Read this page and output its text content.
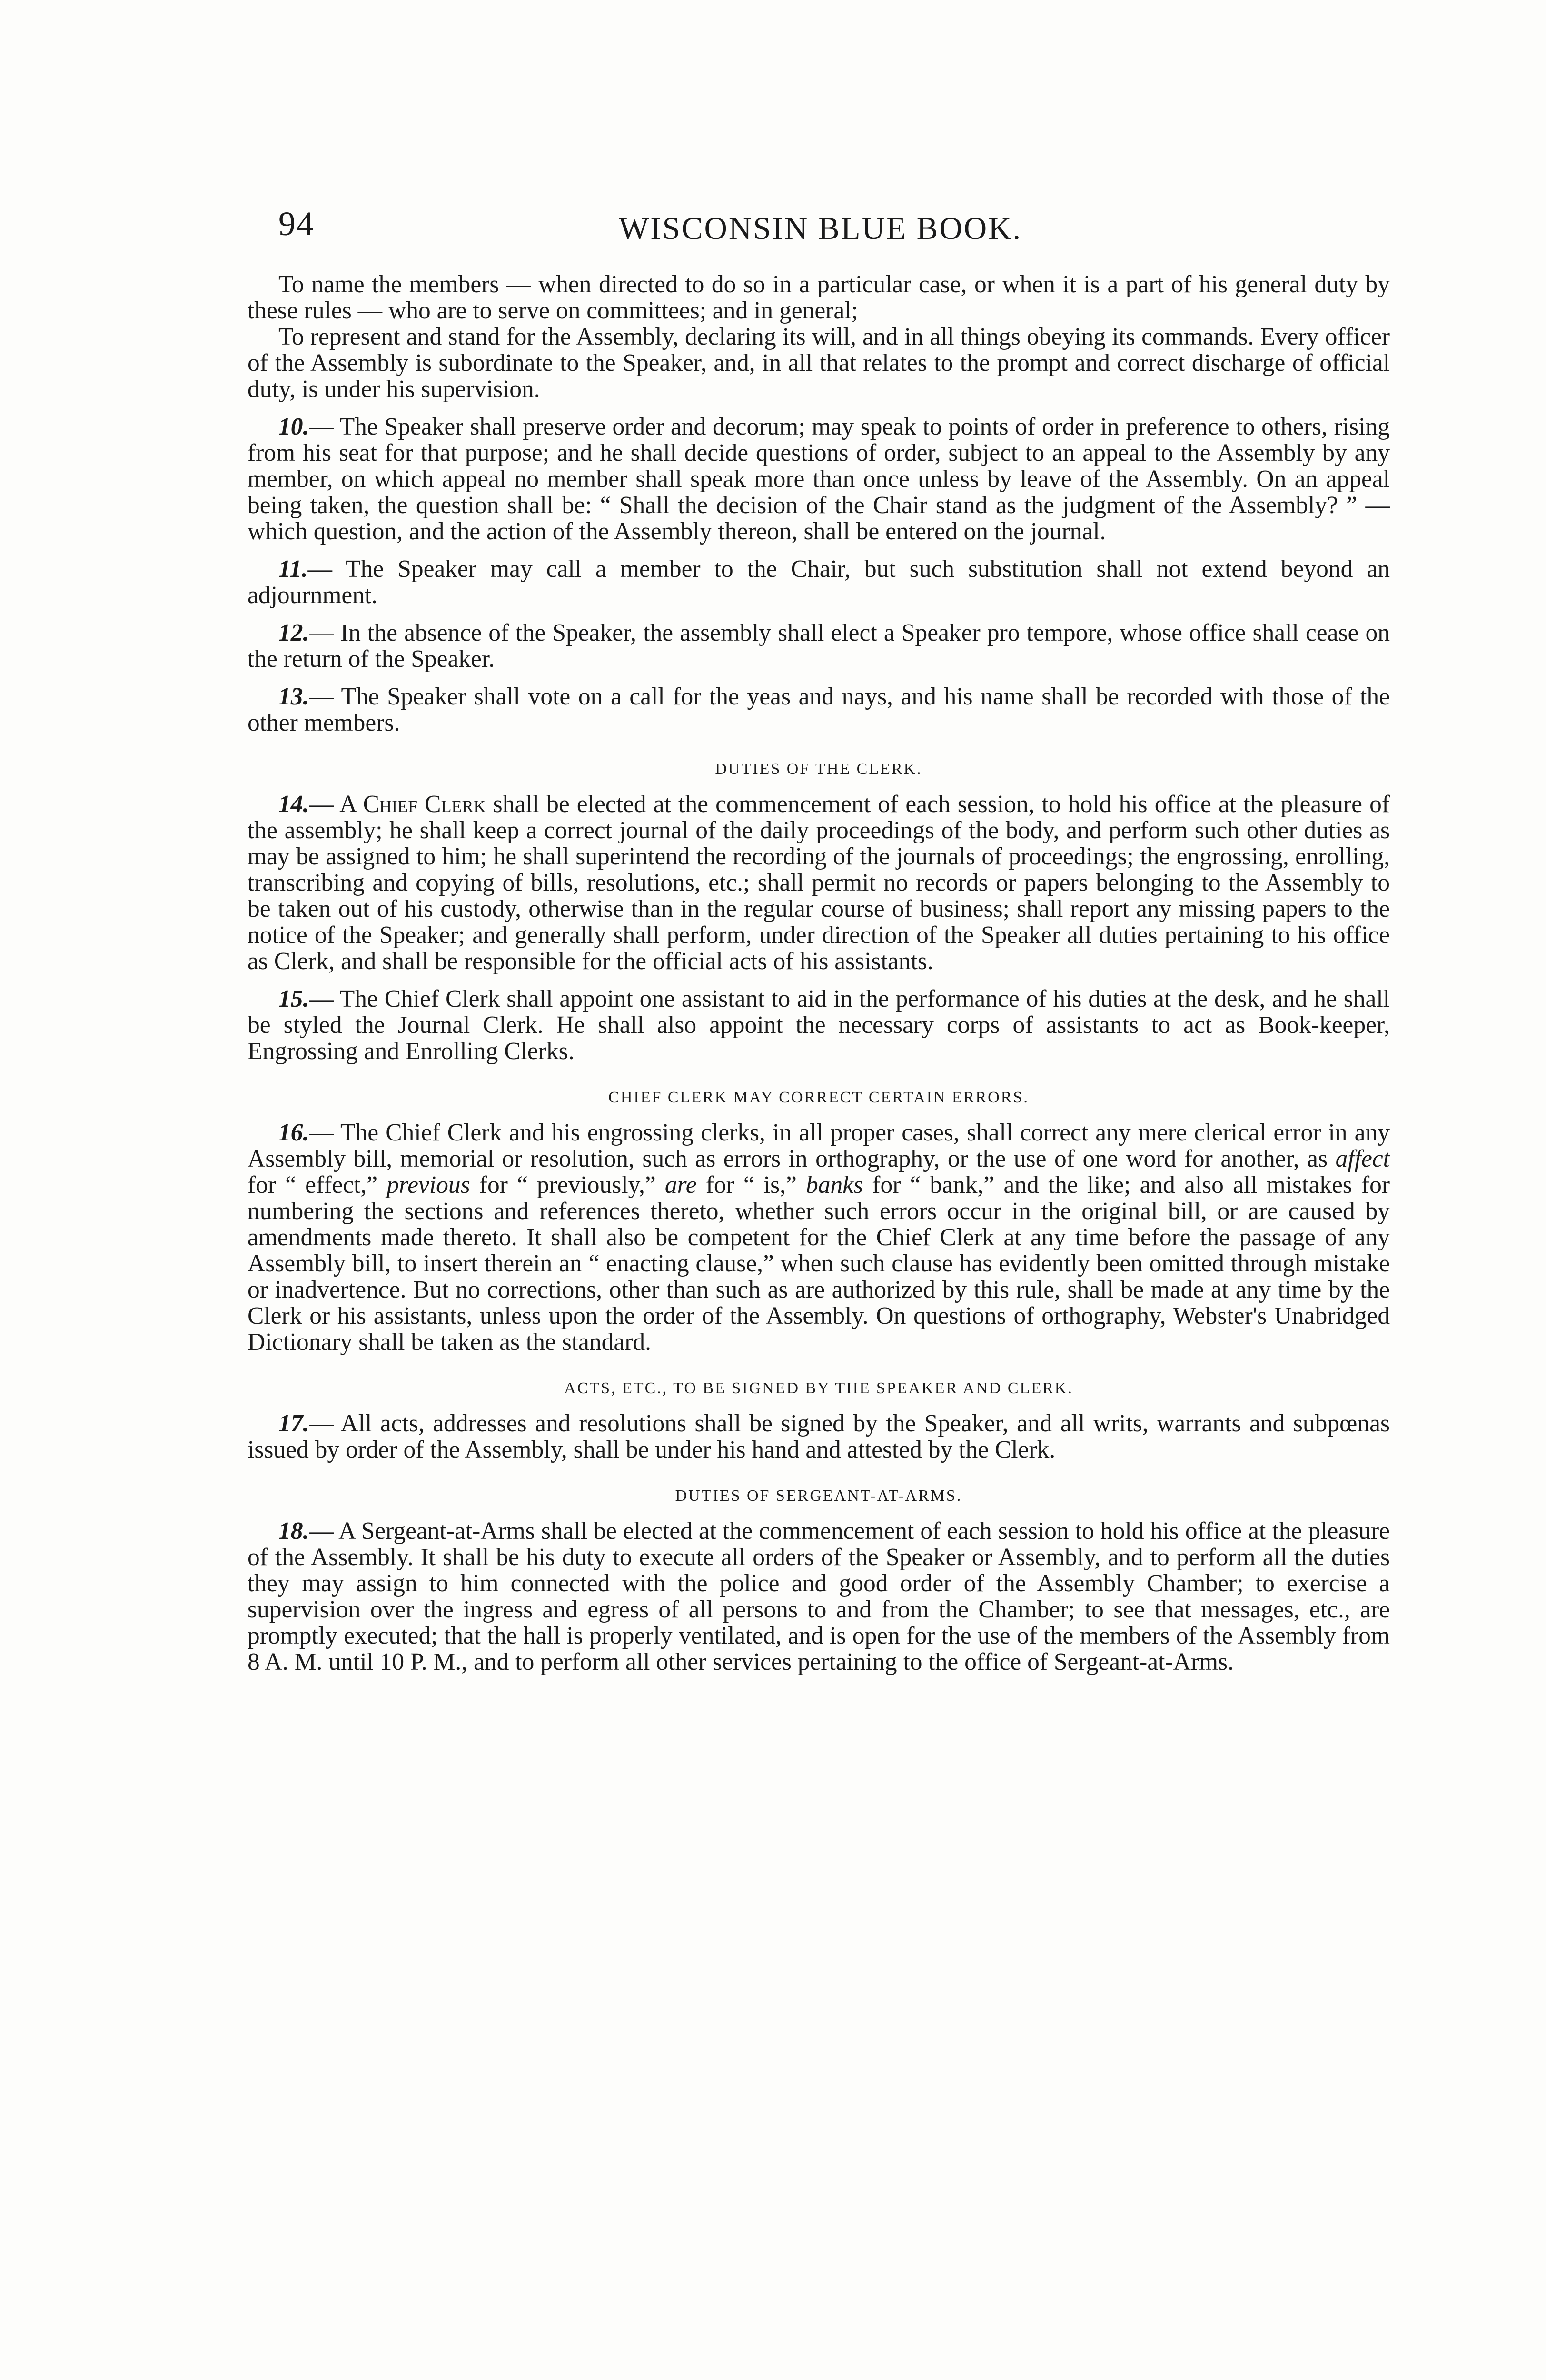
94	WISCONSIN BLUE BOOK.

To name the members — when directed to do so in a particular case, or when it is a part of his general duty by these rules — who are to serve on committees; and in general;

To represent and stand for the Assembly, declaring its will, and in all things obeying its commands. Every officer of the Assembly is subordinate to the Speaker, and, in all that relates to the prompt and correct discharge of official duty, is under his supervision.

10.— The Speaker shall preserve order and decorum; may speak to points of order in preference to others, rising from his seat for that purpose; and he shall decide questions of order, subject to an appeal to the Assembly by any member, on which appeal no member shall speak more than once unless by leave of the Assembly. On an appeal being taken, the question shall be: “ Shall the decision of the Chair stand as the judgment of the Assembly? ” — which question, and the action of the Assembly thereon, shall be entered on the journal.

11.— The Speaker may call a member to the Chair, but such substitution shall not extend beyond an adjournment.

12.— In the absence of the Speaker, the assembly shall elect a Speaker pro tempore, whose office shall cease on the return of the Speaker.

13.— The Speaker shall vote on a call for the yeas and nays, and his name shall be recorded with those of the other members.

DUTIES OF THE CLERK.

14.— A Chief Clerk shall be elected at the commencement of each session, to hold his office at the pleasure of the assembly; he shall keep a correct journal of the daily proceedings of the body, and perform such other duties as may be assigned to him; he shall superintend the recording of the journals of proceedings; the engrossing, enrolling, transcribing and copying of bills, resolutions, etc.; shall permit no records or papers belonging to the Assembly to be taken out of his custody, otherwise than in the regular course of business; shall report any missing papers to the notice of the Speaker; and generally shall perform, under direction of the Speaker all duties pertaining to his office as Clerk, and shall be responsible for the official acts of his assistants.

15.— The Chief Clerk shall appoint one assistant to aid in the performance of his duties at the desk, and he shall be styled the Journal Clerk. He shall also appoint the necessary corps of assistants to act as Book-keeper, Engrossing and Enrolling Clerks.

CHIEF CLERK MAY CORRECT CERTAIN ERRORS.

16.— The Chief Clerk and his engrossing clerks, in all proper cases, shall correct any mere clerical error in any Assembly bill, memorial or resolution, such as errors in orthography, or the use of one word for another, as affect for “ effect,” previous for “ previously,” are for “ is,” banks for “ bank,” and the like; and also all mistakes for numbering the sections and references thereto, whether such errors occur in the original bill, or are caused by amendments made thereto. It shall also be competent for the Chief Clerk at any time before the passage of any Assembly bill, to insert therein an “ enacting clause,” when such clause has evidently been omitted through mistake or inadvertence. But no corrections, other than such as are authorized by this rule, shall be made at any time by the Clerk or his assistants, unless upon the order of the Assembly. On questions of orthography, Webster's Unabridged Dictionary shall be taken as the standard.

ACTS, ETC., TO BE SIGNED BY THE SPEAKER AND CLERK.

17.— All acts, addresses and resolutions shall be signed by the Speaker, and all writs, warrants and subpœnas issued by order of the Assembly, shall be under his hand and attested by the Clerk.

DUTIES OF SERGEANT-AT-ARMS.

18.— A Sergeant-at-Arms shall be elected at the commencement of each session to hold his office at the pleasure of the Assembly. It shall be his duty to execute all orders of the Speaker or Assembly, and to perform all the duties they may assign to him connected with the police and good order of the Assembly Chamber; to exercise a supervision over the ingress and egress of all persons to and from the Chamber; to see that messages, etc., are promptly executed; that the hall is properly ventilated, and is open for the use of the members of the Assembly from 8 A. M. until 10 P. M., and to perform all other services pertaining to the office of Sergeant-at-Arms.
